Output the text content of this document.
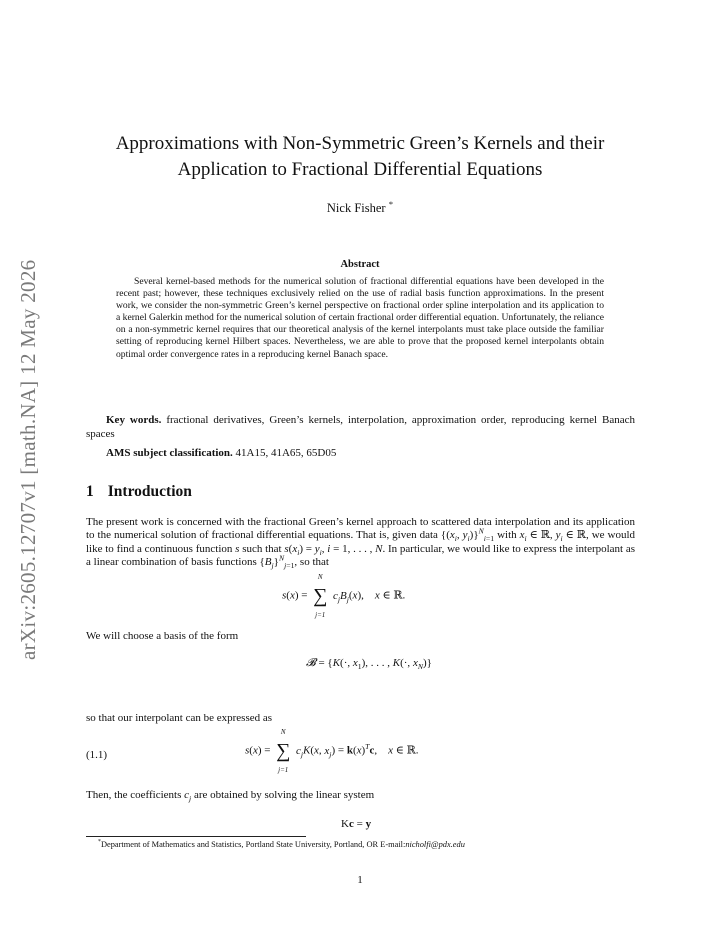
arXiv:2605.12707v1 [math.NA] 12 May 2026
Approximations with Non-Symmetric Green’s Kernels and their
Application to Fractional Differential Equations
Nick Fisher *
Abstract

Several kernel-based methods for the numerical solution of fractional differential equations have been developed in the recent past; however, these techniques exclusively relied on the use of radial basis function approximations. In the present work, we consider the non-symmetric Green’s kernel perspective on fractional order spline interpolation and its application to a kernel Galerkin method for the numerical solution of certain fractional order differential equation. Unfortunately, the reliance on a non-symmetric kernel requires that our theoretical analysis of the kernel interpolants must take place outside the familiar setting of reproducing kernel Hilbert spaces. Nevertheless, we are able to prove that the proposed kernel interpolants obtain optimal order convergence rates in a reproducing kernel Banach space.

Key words. fractional derivatives, Green’s kernels, interpolation, approximation order, reproducing kernel Banach spaces

AMS subject classification. 41A15, 41A65, 65D05
1 Introduction

The present work is concerned with the fractional Green’s kernel approach to scattered data interpolation and its application to the numerical solution of fractional differential equations. That is, given data {($x_i$, $y_i)\}^N_{i=1}$ with $x_i$ ∈ ℝ, $y_i$ ∈ ℝ, we would like to find a continuous function s such that $s(x_i) = y_i$, i = 1, . . . , N. In particular, we would like to express the interpolant as a linear combination of basis functions $\{B_j\}^N_{j=1}$, so that

s(x) =
N
∑
j=1
$c_jB_j(x)$,    x ∈ ℝ.

We will choose a basis of the form

𝓑 = {K(·, $x_1$), . . . , K(·, $x_N$)}

so that our interpolant can be expressed as

(1.1)	s(x) =
N
∑
j=1
$c_jK(x$, $x_j) = k(x)^Tc$,    x ∈ ℝ.

Then, the coefficients $c_j$ are obtained by solving the linear system

Kc = y
*Department of Mathematics and Statistics, Portland State University, Portland, OR E-mail:nicholfi@pdx.edu
1
